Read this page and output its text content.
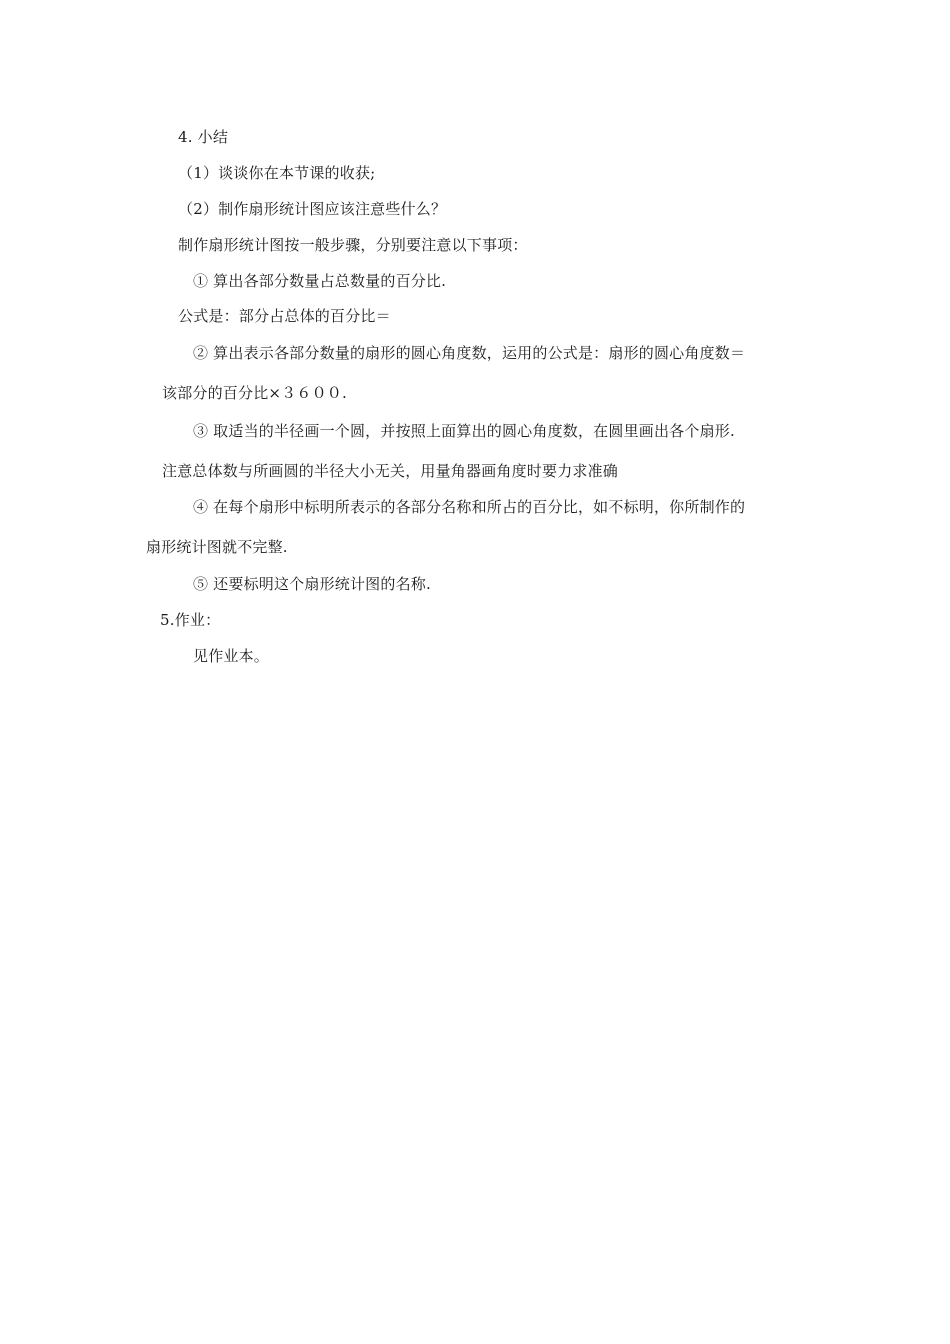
4. 小结
（1）谈谈你在本节课的收获;
（2）制作扇形统计图应该注意些什么？
制作扇形统计图按一般步骤，分别要注意以下事项：
① 算出各部分数量占总数量的百分比.
公式是：部分占总体的百分比＝
② 算出表示各部分数量的扇形的圆心角度数，运用的公式是：扇形的圆心角度数＝
该部分的百分比×３６００.
③ 取适当的半径画一个圆，并按照上面算出的圆心角度数，在圆里画出各个扇形.
注意总体数与所画圆的半径大小无关，用量角器画角度时要力求准确
④ 在每个扇形中标明所表示的各部分名称和所占的百分比，如不标明，你所制作的
扇形统计图就不完整.
⑤ 还要标明这个扇形统计图的名称.
5.作业：
见作业本。
